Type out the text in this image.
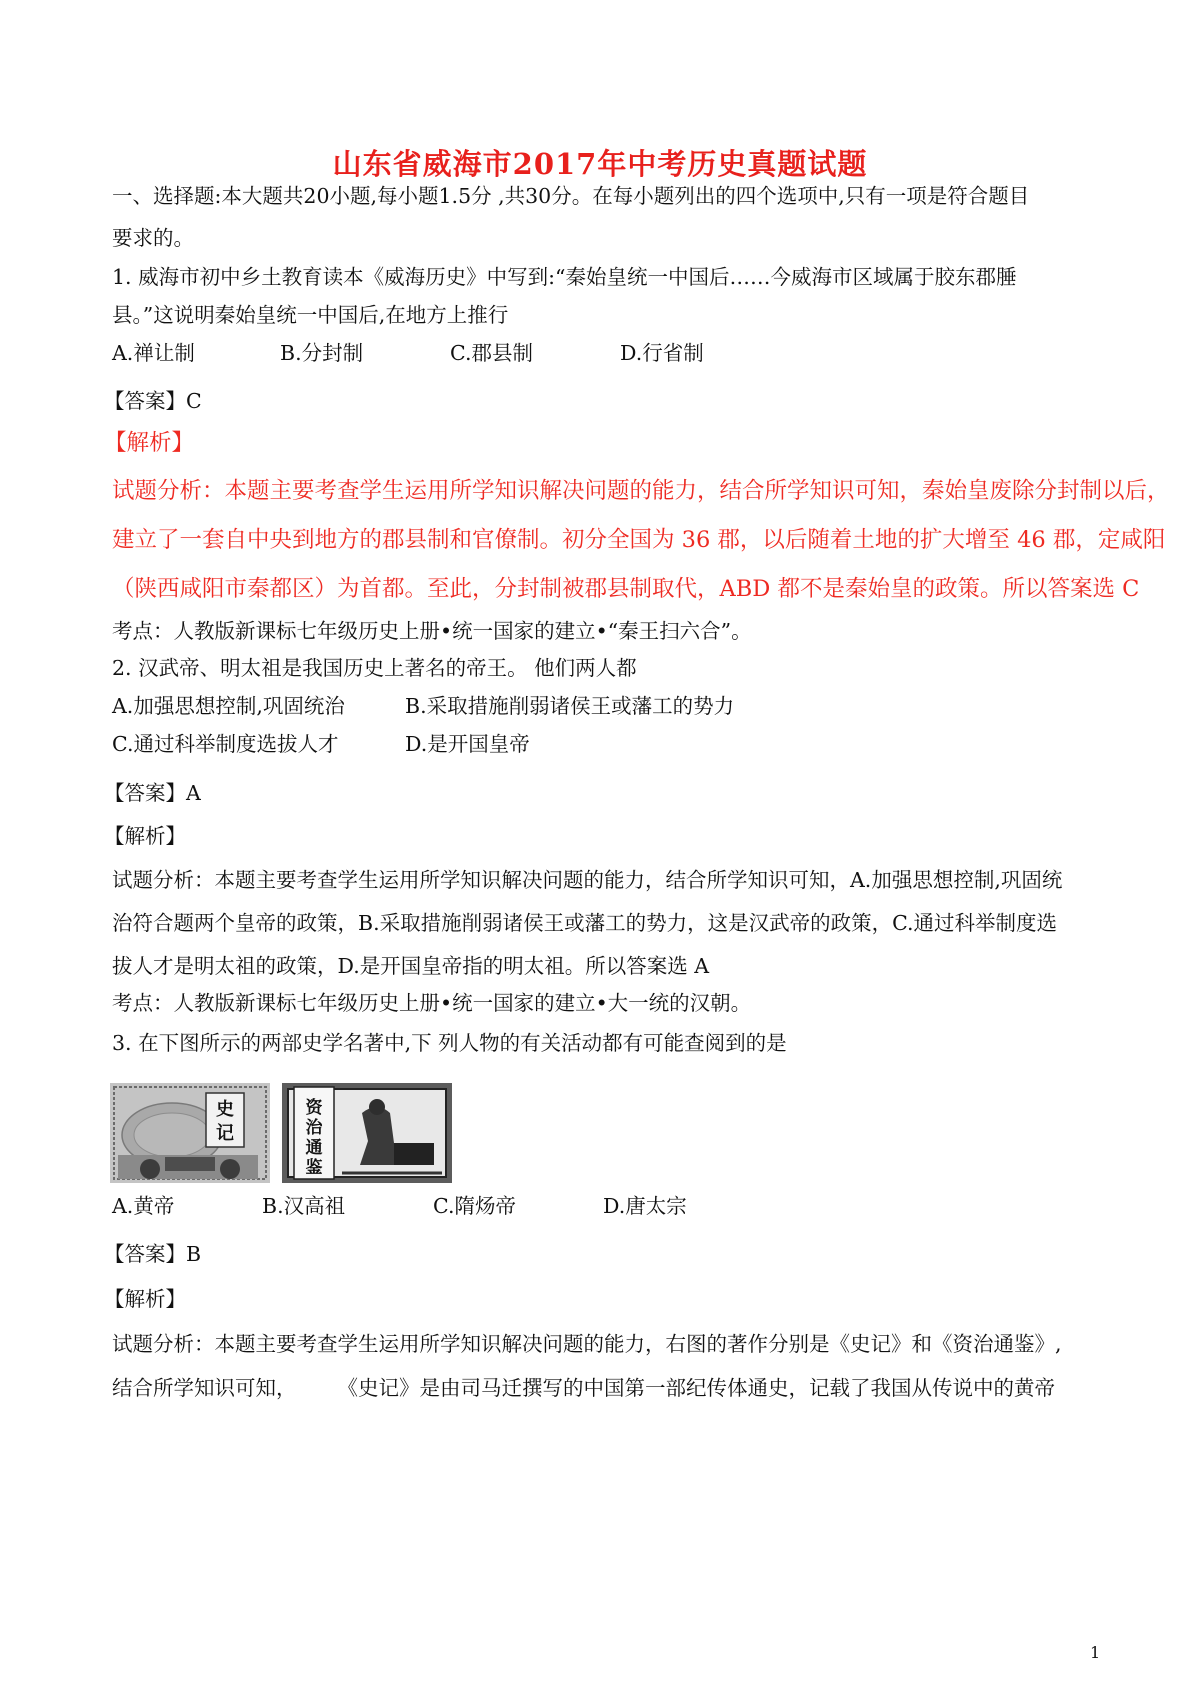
山东省威海市2017年中考历史真题试题
一、选择题:本大题共20小题,每小题1.5分 ,共30分。在每小题列出的四个选项中,只有一项是符合题目
要求的。
1. 威海市初中乡土教育读本《威海历史》中写到:“秦始皇统一中国后……今威海市区域属于胶东郡腄
县。”这说明秦始皇统一中国后,在地方上推行
A.禅让制	B.分封制	C.郡县制	D.行省制
【答案】C
【解析】
试题分析：本题主要考查学生运用所学知识解决问题的能力，结合所学知识可知，秦始皇废除分封制以后，
建立了一套自中央到地方的郡县制和官僚制。初分全国为 36 郡，以后随着土地的扩大增至 46 郡，定咸阳
（陕西咸阳市秦都区）为首都。至此，分封制被郡县制取代，ABD 都不是秦始皇的政策。所以答案选 C
考点：人教版新课标七年级历史上册•统一国家的建立•“秦王扫六合”。
2. 汉武帝、明太祖是我国历史上著名的帝王。 他们两人都
A.加强思想控制,巩固统治	B.采取措施削弱诸侯王或藩工的势力
C.通过科举制度选拔人才	D.是开国皇帝
【答案】A
【解析】
试题分析：本题主要考查学生运用所学知识解决问题的能力，结合所学知识可知，A.加强思想控制,巩固统
治符合题两个皇帝的政策，B.采取措施削弱诸侯王或藩工的势力，这是汉武帝的政策，C.通过科举制度选
拔人才是明太祖的政策，D.是开国皇帝指的明太祖。所以答案选 A
考点：人教版新课标七年级历史上册•统一国家的建立•大一统的汉朝。
3. 在下图所示的两部史学名著中,下 列人物的有关活动都有可能查阅到的是
史
记
资
治
通
鉴
A.黄帝	B.汉高祖	C.隋炀帝	D.唐太宗
【答案】B
【解析】
试题分析：本题主要考查学生运用所学知识解决问题的能力，右图的著作分别是《史记》和《资治通鉴》,
结合所学知识可知，　　　《史记》是由司马迁撰写的中国第一部纪传体通史，记载了我国从传说中的黄帝
1
